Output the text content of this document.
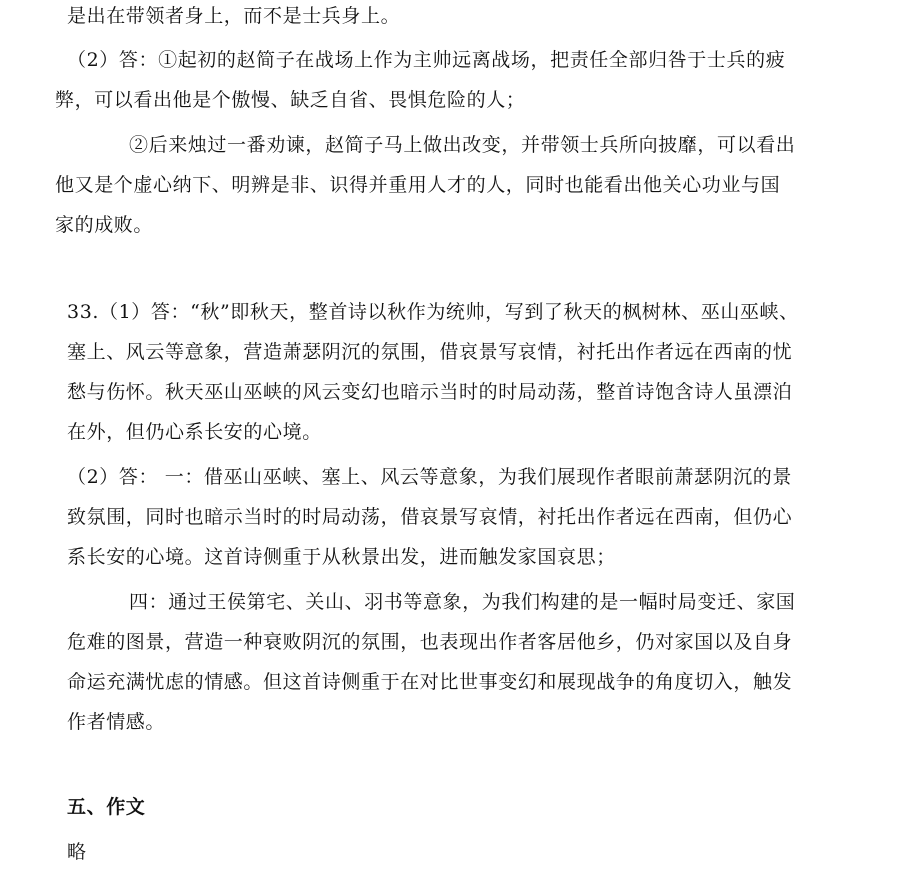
是出在带领者身上，而不是士兵身上。
（2）答：①起初的赵简子在战场上作为主帅远离战场，把责任全部归咎于士兵的疲
弊，可以看出他是个傲慢、缺乏自省、畏惧危险的人；
②后来烛过一番劝谏，赵简子马上做出改变，并带领士兵所向披靡，可以看出
他又是个虚心纳下、明辨是非、识得并重用人才的人，同时也能看出他关心功业与国
家的成败。
33.（1）答：“秋”即秋天，整首诗以秋作为统帅，写到了秋天的枫树林、巫山巫峡、
塞上、风云等意象，营造萧瑟阴沉的氛围，借哀景写哀情，衬托出作者远在西南的忧
愁与伤怀。秋天巫山巫峡的风云变幻也暗示当时的时局动荡，整首诗饱含诗人虽漂泊
在外，但仍心系长安的心境。
（2）答： 一：借巫山巫峡、塞上、风云等意象，为我们展现作者眼前萧瑟阴沉的景
致氛围，同时也暗示当时的时局动荡，借哀景写哀情，衬托出作者远在西南，但仍心
系长安的心境。这首诗侧重于从秋景出发，进而触发家国哀思；
四：通过王侯第宅、关山、羽书等意象，为我们构建的是一幅时局变迁、家国
危难的图景，营造一种衰败阴沉的氛围，也表现出作者客居他乡，仍对家国以及自身
命运充满忧虑的情感。但这首诗侧重于在对比世事变幻和展现战争的角度切入，触发
作者情感。
五、作文
略
